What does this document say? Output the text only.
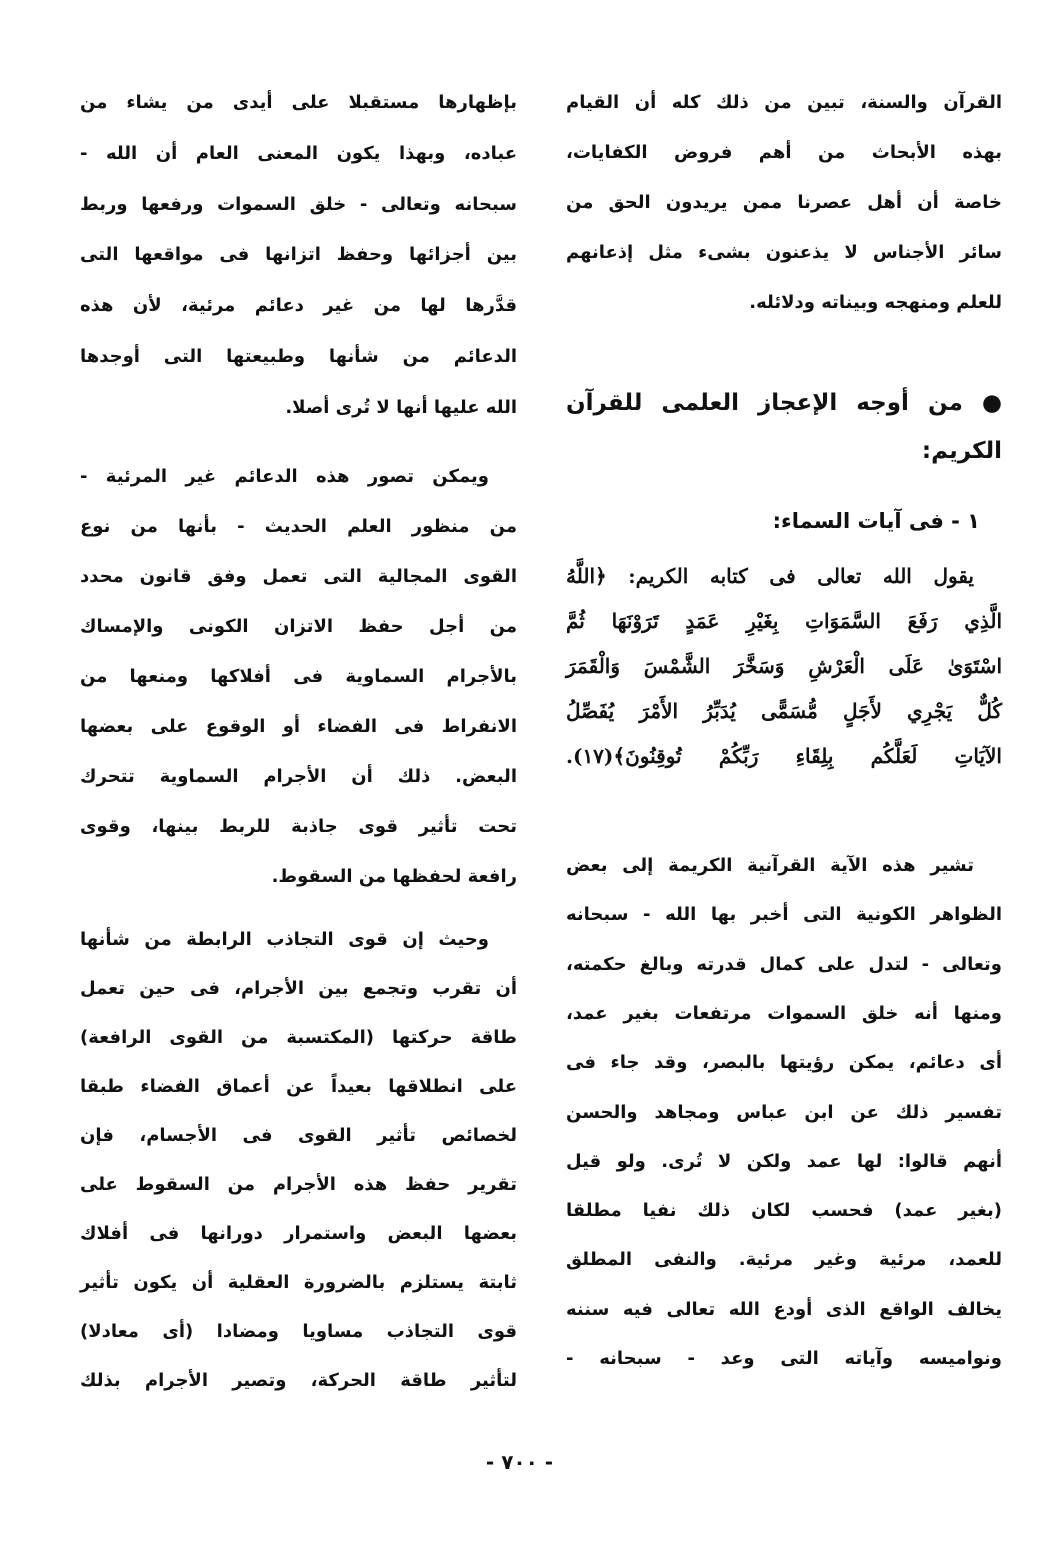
القرآن والسنة، تبين من ذلك كله أن القيام
بهذه الأبحاث من أهم فروض الكفايات،
خاصة أن أهل عصرنا ممن يريدون الحق من
سائر الأجناس لا يذعنون بشىء مثل إذعانهم
للعلم ومنهجه وبيناته ودلائله.
● من أوجه الإعجاز العلمى للقرآن
الكريم:
١ - فى آيات السماء:
يقول الله تعالى فى كتابه الكريم: ﴿اللَّهُ
الَّذِي رَفَعَ السَّمَوَاتِ بِغَيْرِ عَمَدٍ تَرَوْنَهَا ثُمَّ
اسْتَوَىٰ عَلَى الْعَرْشِ وَسَخَّرَ الشَّمْسَ وَالْقَمَرَ
كُلٌّ يَجْرِي لأَجَلٍ مُّسَمًّى يُدَبِّرُ الأَمْرَ يُفَصِّلُ
الآيَاتِ لَعَلَّكُم بِلِقَاءِ رَبِّكُمْ تُوقِنُونَ﴾(١٧).
تشير هذه الآية القرآنية الكريمة إلى بعض
الظواهر الكونية التى أخبر بها الله - سبحانه
وتعالى - لتدل على كمال قدرته وبالغ حكمته،
ومنها أنه خلق السموات مرتفعات بغير عمد،
أى دعائم، يمكن رؤيتها بالبصر، وقد جاء فى
تفسير ذلك عن ابن عباس ومجاهد والحسن
أنهم قالوا: لها عمد ولكن لا تُرى. ولو قيل
(بغير عمد) فحسب لكان ذلك نفيا مطلقا
للعمد، مرئية وغير مرئية. والنفى المطلق
يخالف الواقع الذى أودع الله تعالى فيه سننه
ونواميسه وآياته التى وعد - سبحانه -
بإظهارها مستقبلا على أيدى من يشاء من
عباده، وبهذا يكون المعنى العام أن الله -
سبحانه وتعالى - خلق السموات ورفعها وربط
بين أجزائها وحفظ اتزانها فى مواقعها التى
قدَّرها لها من غير دعائم مرئية، لأن هذه
الدعائم من شأنها وطبيعتها التى أوجدها
الله عليها أنها لا تُرى أصلا.
ويمكن تصور هذه الدعائم غير المرئية -
من منظور العلم الحديث - بأنها من نوع
القوى المجالية التى تعمل وفق قانون محدد
من أجل حفظ الاتزان الكونى والإمساك
بالأجرام السماوية فى أفلاكها ومنعها من
الانفراط فى الفضاء أو الوقوع على بعضها
البعض. ذلك أن الأجرام السماوية تتحرك
تحت تأثير قوى جاذبة للربط بينها، وقوى
رافعة لحفظها من السقوط.
وحيث إن قوى التجاذب الرابطة من شأنها
أن تقرب وتجمع بين الأجرام، فى حين تعمل
طاقة حركتها (المكتسبة من القوى الرافعة)
على انطلاقها بعيداً عن أعماق الفضاء طبقا
لخصائص تأثير القوى فى الأجسام، فإن
تقرير حفظ هذه الأجرام من السقوط على
بعضها البعض واستمرار دورانها فى أفلاك
ثابتة يستلزم بالضرورة العقلية أن يكون تأثير
قوى التجاذب مساويا ومضادا (أى معادلا)
لتأثير طاقة الحركة، وتصير الأجرام بذلك
- ٧٠٠ -
